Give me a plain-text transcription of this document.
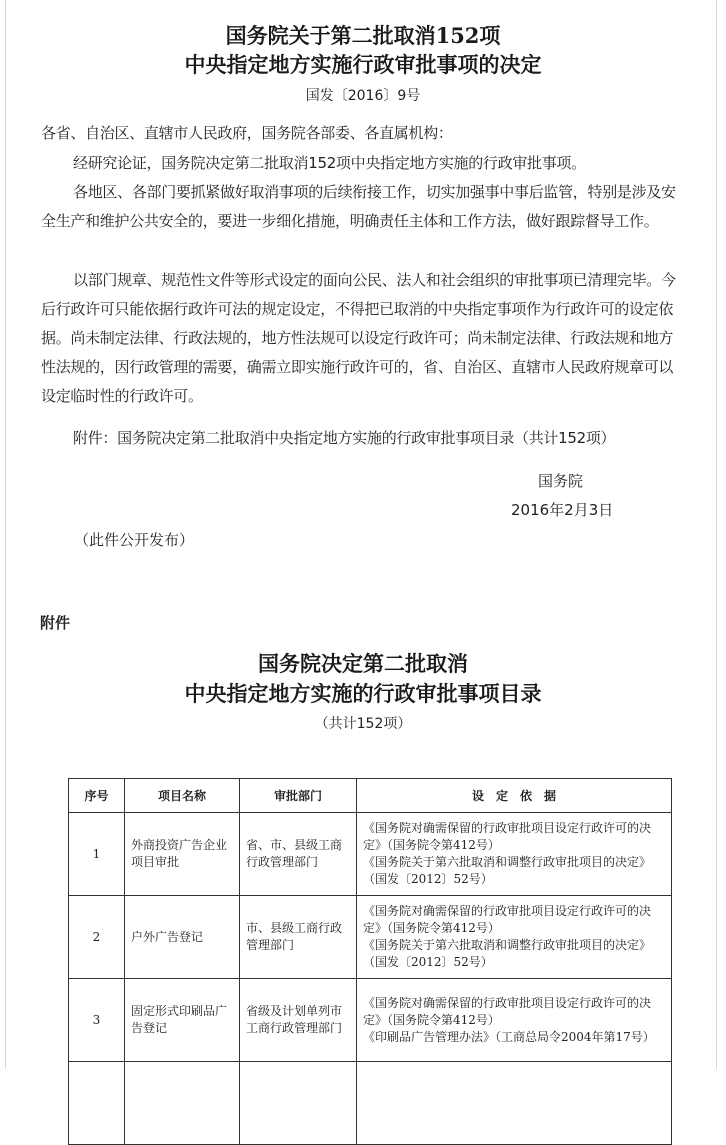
国务院关于第二批取消152项
中央指定地方实施行政审批事项的决定
国发〔2016〕9号

各省、自治区、直辖市人民政府，国务院各部委、各直属机构：

经研究论证，国务院决定第二批取消152项中央指定地方实施的行政审批事项。

各地区、各部门要抓紧做好取消事项的后续衔接工作，切实加强事中事后监管，特别是涉及安全生产和维护公共安全的，要进一步细化措施，明确责任主体和工作方法，做好跟踪督导工作。

以部门规章、规范性文件等形式设定的面向公民、法人和社会组织的审批事项已清理完毕。今后行政许可只能依据行政许可法的规定设定，不得把已取消的中央指定事项作为行政许可的设定依据。尚未制定法律、行政法规的，地方性法规可以设定行政许可；尚未制定法律、行政法规和地方性法规的，因行政管理的需要，确需立即实施行政许可的，省、自治区、直辖市人民政府规章可以设定临时性的行政许可。

附件：国务院决定第二批取消中央指定地方实施的行政审批事项目录（共计152项）

国务院
2016年2月3日
（此件公开发布）
附件
国务院决定第二批取消
中央指定地方实施的行政审批事项目录
（共计152项）
序号	项目名称	审批部门	设　定　依　据
1	外商投资广告企业项目审批	省、市、县级工商行政管理部门	《国务院对确需保留的行政审批项目设定行政许可的决定》（国务院令第412号）
《国务院关于第六批取消和调整行政审批项目的决定》（国发〔2012〕52号）

2	户外广告登记	市、县级工商行政管理部门	《国务院对确需保留的行政审批项目设定行政许可的决定》（国务院令第412号）
《国务院关于第六批取消和调整行政审批项目的决定》（国发〔2012〕52号）

3	固定形式印刷品广告登记	省级及计划单列市工商行政管理部门	《国务院对确需保留的行政审批项目设定行政许可的决定》（国务院令第412号）
《印刷品广告管理办法》（工商总局令2004年第17号）
